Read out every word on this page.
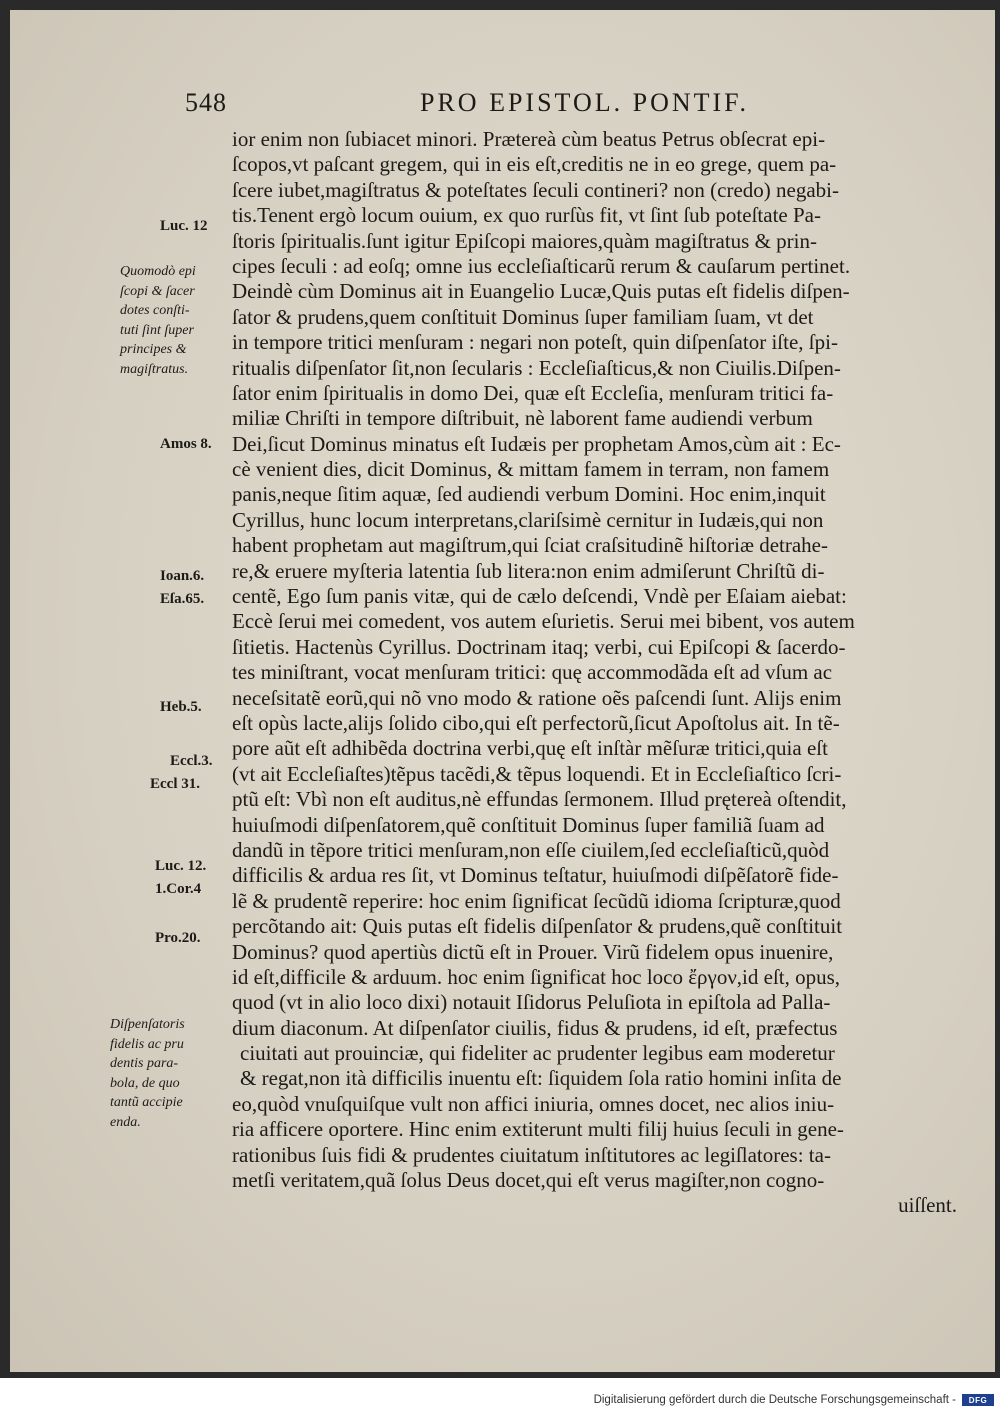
548	PRO EPISTOL. PONTIF.
ior enim non ſubiacet minori. Prætereà cùm beatus Petrus obſecrat epi-
ſcopos,vt paſcant gregem, qui in eis eſt,creditis ne in eo grege, quem pa-
ſcere iubet,magiſtratus & poteſtates ſeculi contineri? non (credo) negabi-
tis.Tenent ergò locum ouium, ex quo rurſùs fit, vt ſint ſub poteſtate Pa-
ſtoris ſpiritualis.ſunt igitur Epiſcopi maiores,quàm magiſtratus & prin-
cipes ſeculi : ad eoſq; omne ius eccleſiaſticarũ rerum & cauſarum pertinet.
Deindè cùm Dominus ait in Euangelio Lucæ,Quis putas eſt fidelis diſpen-
ſator & prudens,quem conſtituit Dominus ſuper familiam ſuam, vt det
in tempore tritici menſuram : negari non poteſt, quin diſpenſator iſte, ſpi-
ritualis diſpenſator ſit,non ſecularis : Eccleſiaſticus,& non Ciuilis.Diſpen-
ſator enim ſpiritualis in domo Dei, quæ eſt Eccleſia, menſuram tritici fa-
miliæ Chriſti in tempore diſtribuit, nè laborent fame audiendi verbum
Dei,ſicut Dominus minatus eſt Iudæis per prophetam Amos,cùm ait : Ec-
cè venient dies, dicit Dominus, & mittam famem in terram, non famem
panis,neque ſitim aquæ, ſed audiendi verbum Domini. Hoc enim,inquit
Cyrillus, hunc locum interpretans,clariſsimè cernitur in Iudæis,qui non
habent prophetam aut magiſtrum,qui ſciat craſsitudinẽ hiſtoriæ detrahe-
re,& eruere myſteria latentia ſub litera:non enim admiſerunt Chriſtũ di-
centẽ, Ego ſum panis vitæ, qui de cælo deſcendi, Vndè per Eſaiam aiebat:
Eccè ſerui mei comedent, vos autem eſurietis. Serui mei bibent, vos autem
ſitietis. Hactenùs Cyrillus. Doctrinam itaq; verbi, cui Epiſcopi & ſacerdo-
tes miniſtrant, vocat menſuram tritici: quę accommodãda eſt ad vſum ac
neceſsitatẽ eorũ,qui nõ vno modo & ratione oẽs paſcendi ſunt. Alijs enim
eſt opùs lacte,alijs ſolido cibo,qui eſt perfectorũ,ſicut Apoſtolus ait. In tẽ-
pore aũt eſt adhibẽda doctrina verbi,quę eſt inſtàr mẽſuræ tritici,quia eſt
(vt ait Eccleſiaſtes)tẽpus tacẽdi,& tẽpus loquendi. Et in Eccleſiaſtico ſcri-
ptũ eſt: Vbì non eſt auditus,nè effundas ſermonem. Illud prętereà oſtendit,
huiuſmodi diſpenſatorem,quẽ conſtituit Dominus ſuper familiã ſuam ad
dandũ in tẽpore tritici menſuram,non eſſe ciuilem,ſed eccleſiaſticũ,quòd
difficilis & ardua res ſit, vt Dominus teſtatur, huiuſmodi diſpẽſatorẽ fide-
lẽ & prudentẽ reperire: hoc enim ſignificat ſecũdũ idioma ſcripturæ,quod
percõtando ait: Quis putas eſt fidelis diſpenſator & prudens,quẽ conſtituit
Dominus? quod apertiùs dictũ eſt in Prouer. Virũ fidelem opus inuenire,
id eſt,difficile & arduum. hoc enim ſignificat hoc loco ἔργον,id eſt, opus,
quod (vt in alio loco dixi) notauit Iſidorus Peluſiota in epiſtola ad Palla-
dium diaconum. At diſpenſator ciuilis, fidus & prudens, id eſt, præfectus
ciuitati aut prouinciæ, qui fideliter ac prudenter legibus eam moderetur
& regat,non ità difficilis inuentu eſt: ſiquidem ſola ratio homini inſita de
eo,quòd vnuſquiſque vult non affici iniuria, omnes docet, nec alios iniu-
ria afficere oportere. Hinc enim extiterunt multi filij huius ſeculi in gene-
rationibus ſuis fidi & prudentes ciuitatum inſtitutores ac legiſlatores: ta-
metſi veritatem,quã ſolus Deus docet,qui eſt verus magiſter,non cogno-
uiſſent.
Luc. 12
Quomodò epi
ſcopi & ſacer
dotes conſti-
tuti ſint ſuper
principes &
magiſtratus.
Amos 8.
Ioan.6.
Eſa.65.
Heb.5.
Eccl.3.
Eccl 31.
Luc. 12.
1.Cor.4
Pro.20.
Diſpenſatoris
fidelis ac pru
dentis para-
bola, de quo
tantũ accipie
enda.
Digitalisierung gefördert durch die Deutsche Forschungsgemeinschaft -	DFG
